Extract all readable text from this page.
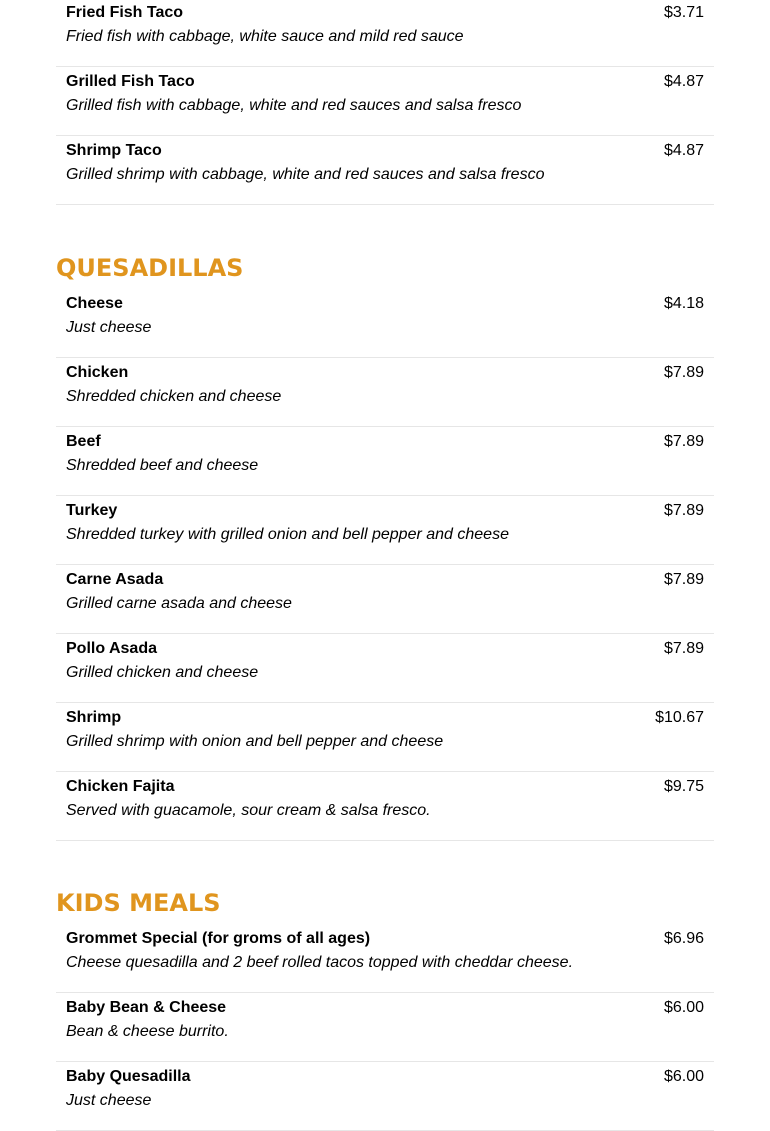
Fried Fish Taco	$3.71
Fried fish with cabbage, white sauce and mild red sauce
Grilled Fish Taco	$4.87
Grilled fish with cabbage, white and red sauces and salsa fresco
Shrimp Taco	$4.87
Grilled shrimp with cabbage, white and red sauces and salsa fresco
QUESADILLAS
Cheese	$4.18
Just cheese
Chicken	$7.89
Shredded chicken and cheese
Beef	$7.89
Shredded beef and cheese
Turkey	$7.89
Shredded turkey with grilled onion and bell pepper and cheese
Carne Asada	$7.89
Grilled carne asada and cheese
Pollo Asada	$7.89
Grilled chicken and cheese
Shrimp	$10.67
Grilled shrimp with onion and bell pepper and cheese
Chicken Fajita	$9.75
Served with guacamole, sour cream & salsa fresco.
KIDS MEALS
Grommet Special (for groms of all ages)	$6.96
Cheese quesadilla and 2 beef rolled tacos topped with cheddar cheese.
Baby Bean & Cheese	$6.00
Bean & cheese burrito.
Baby Quesadilla	$6.00
Just cheese
